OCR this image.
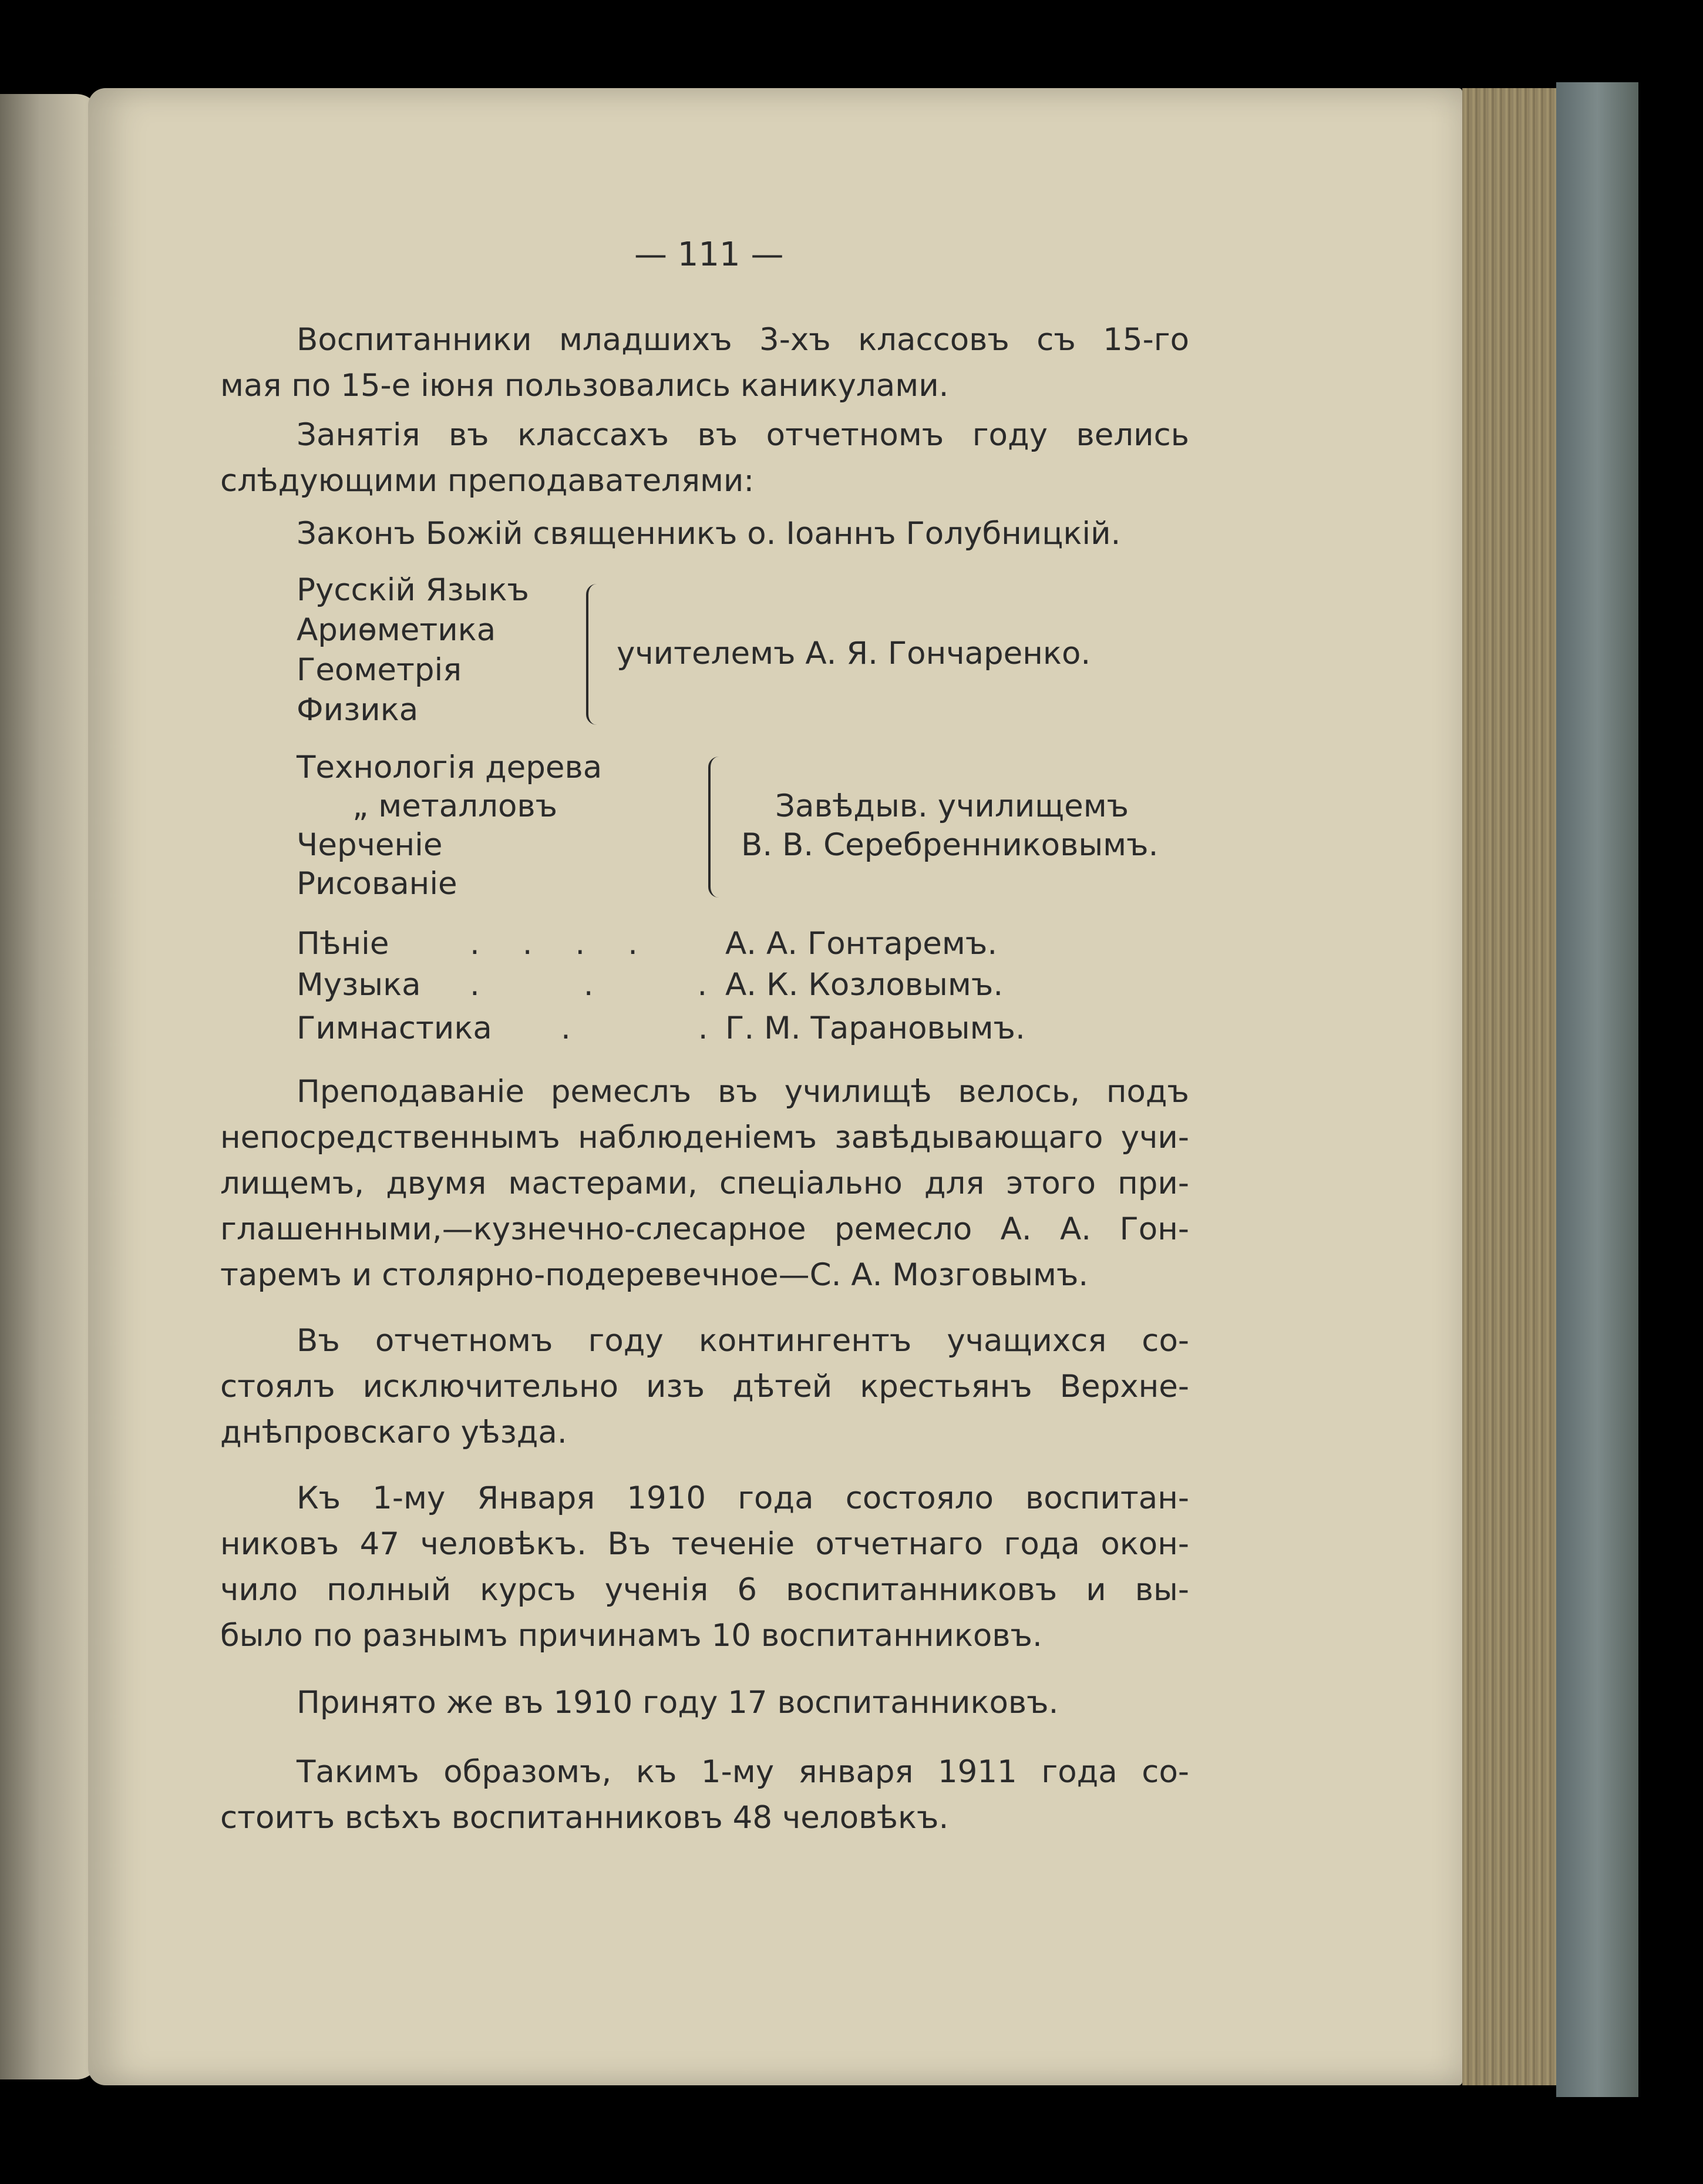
— 111 —
Воспитанники младшихъ 3-хъ классовъ съ 15-го
мая по 15-е іюня пользовались каникулами.
Занятія въ классахъ въ отчетномъ году велись
слѣдующими преподавателями:
Законъ Божій священникъ о. Іоаннъ Голубницкій.
Русскій Языкъ
Ариѳметика
Геометрія
Физика
учителемъ А. Я. Гончаренко.
Технологія дерева
„ металловъ
Черченіе
Рисованіе
Завѣдыв. училищемъ
В. В. Серебренниковымъ.
Пѣніе	. . . . А. А. Гонтаремъ.
Музыка . . .
А. К. Козловымъ.
Гимнастика . .
Г. М. Тарановымъ.
Преподаваніе ремеслъ въ училищѣ велось, подъ
непосредственнымъ наблюденіемъ завѣдывающаго учи-
лищемъ, двумя мастерами, спеціально для этого при-
глашенными,—кузнечно-слесарное ремесло А. А. Гон-
таремъ и столярно-подеревечное—С. А. Мозговымъ.
Въ отчетномъ году контингентъ учащихся со-
стоялъ исключительно изъ дѣтей крестьянъ Верхне-
днѣпровскаго уѣзда.
Къ 1-му Января 1910 года состояло воспитан-
никовъ 47 человѣкъ. Въ теченіе отчетнаго года окон-
чило полный курсъ ученія 6 воспитанниковъ и вы-
было по разнымъ причинамъ 10 воспитанниковъ.
Принято же въ 1910 году 17 воспитанниковъ.
Такимъ образомъ, къ 1-му января 1911 года со-
стоитъ всѣхъ воспитанниковъ 48 человѣкъ.
